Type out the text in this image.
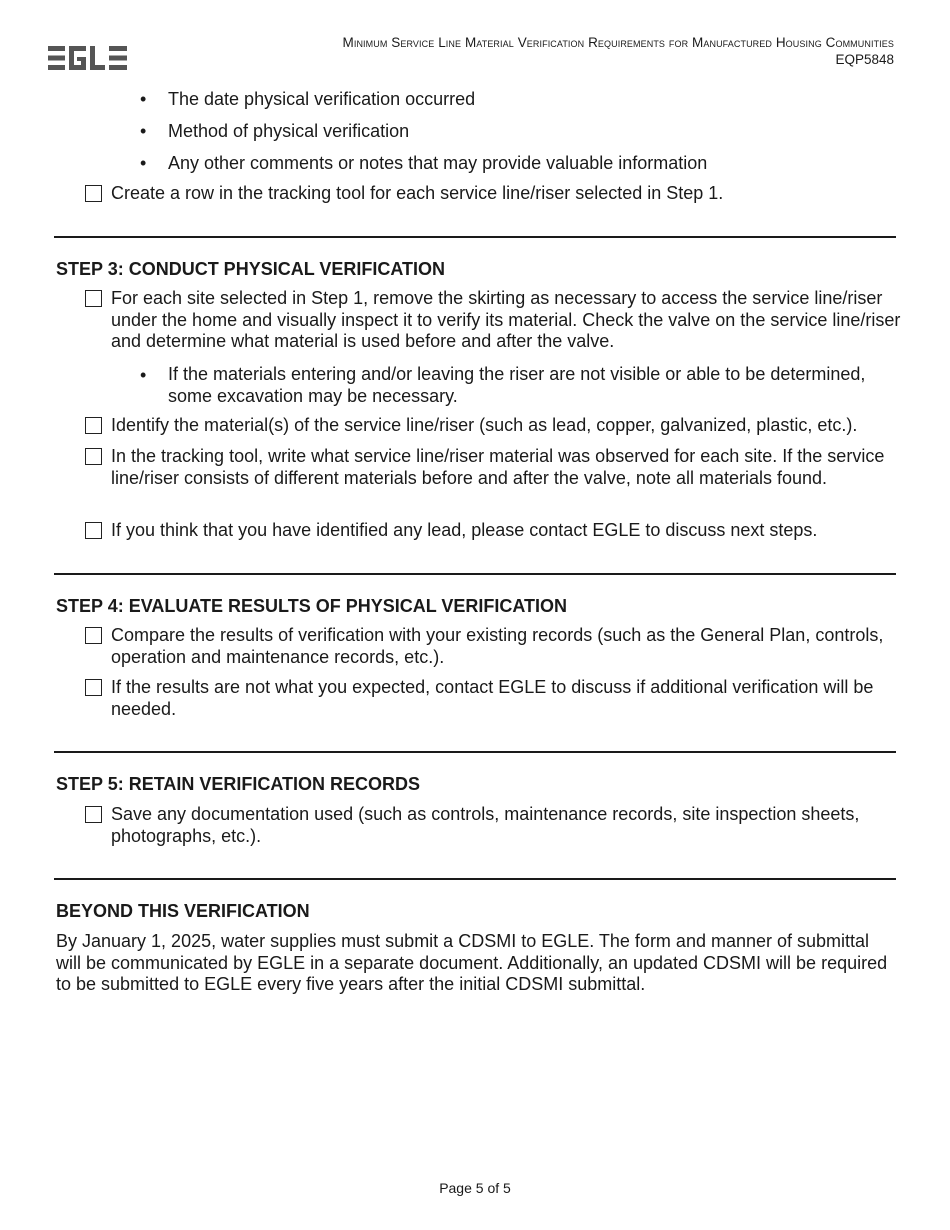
Minimum Service Line Material Verification Requirements for Manufactured Housing Communities
EQP5848
• The date physical verification occurred
• Method of physical verification
• Any other comments or notes that may provide valuable information
Create a row in the tracking tool for each service line/riser selected in Step 1.
STEP 3: CONDUCT PHYSICAL VERIFICATION
For each site selected in Step 1, remove the skirting as necessary to access the service line/riser under the home and visually inspect it to verify its material. Check the valve on the service line/riser and determine what material is used before and after the valve.
• If the materials entering and/or leaving the riser are not visible or able to be determined, some excavation may be necessary.
Identify the material(s) of the service line/riser (such as lead, copper, galvanized, plastic, etc.).
In the tracking tool, write what service line/riser material was observed for each site. If the service line/riser consists of different materials before and after the valve, note all materials found.
If you think that you have identified any lead, please contact EGLE to discuss next steps.
STEP 4: EVALUATE RESULTS OF PHYSICAL VERIFICATION
Compare the results of verification with your existing records (such as the General Plan, controls, operation and maintenance records, etc.).
If the results are not what you expected, contact EGLE to discuss if additional verification will be needed.
STEP 5: RETAIN VERIFICATION RECORDS
Save any documentation used (such as controls, maintenance records, site inspection sheets, photographs, etc.).
BEYOND THIS VERIFICATION
By January 1, 2025, water supplies must submit a CDSMI to EGLE. The form and manner of submittal will be communicated by EGLE in a separate document. Additionally, an updated CDSMI will be required to be submitted to EGLE every five years after the initial CDSMI submittal.
Page 5 of 5
